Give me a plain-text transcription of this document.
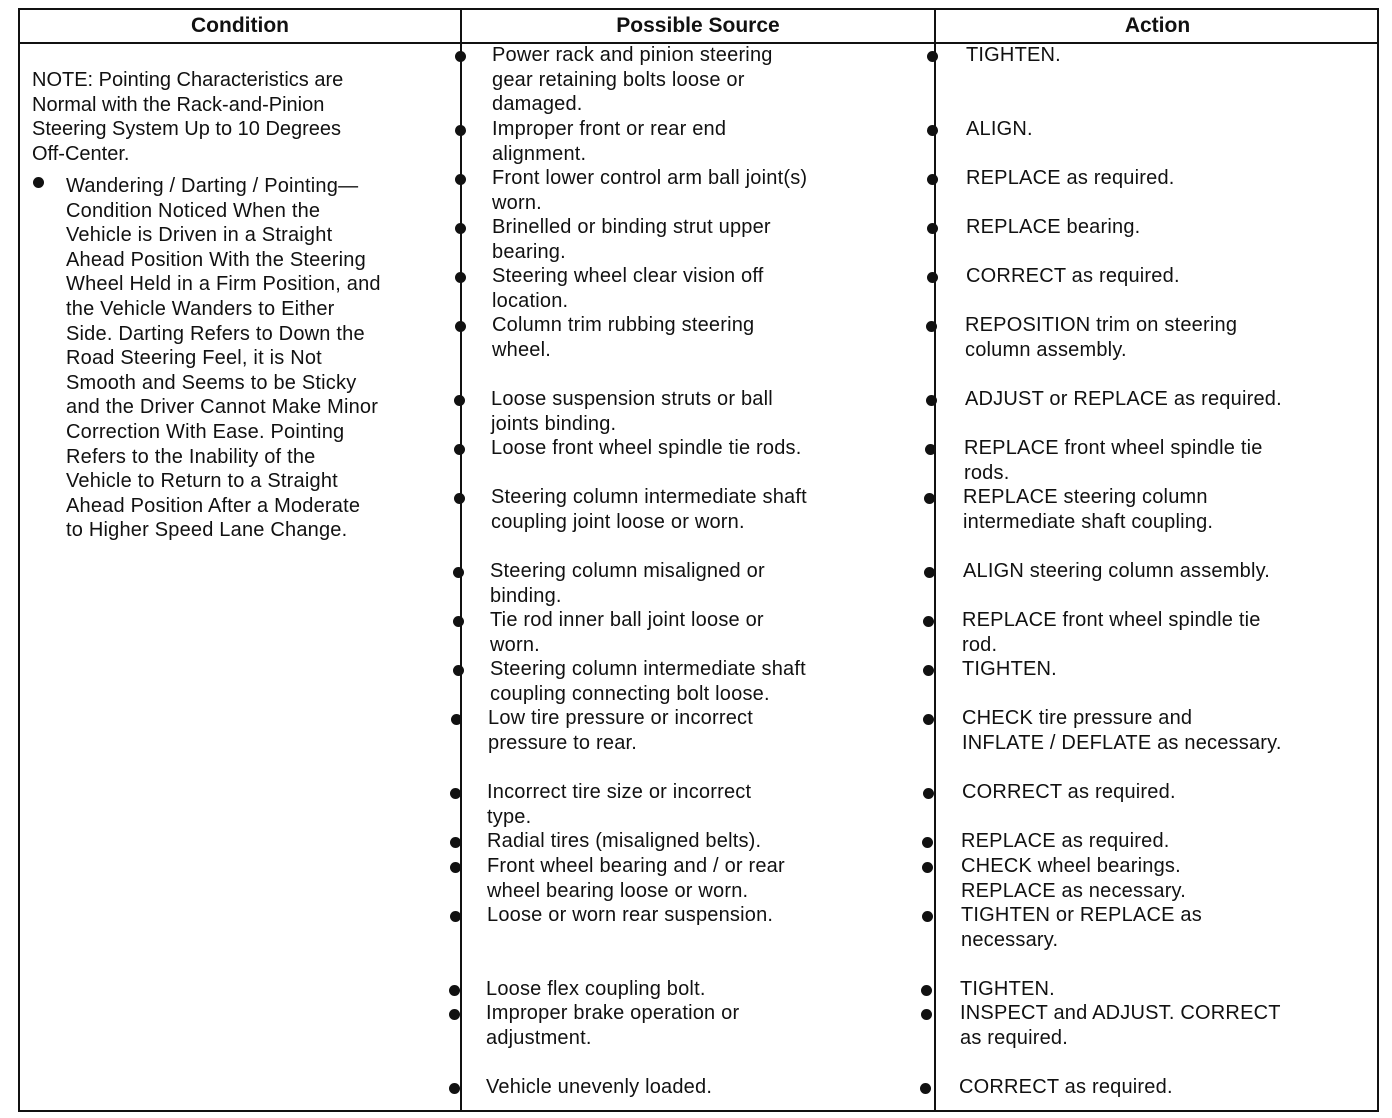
Condition	Possible Source	Action
NOTE: Pointing Characteristics are
Normal with the Rack-and-Pinion
Steering System Up to 10 Degrees
Off-Center.
Wandering / Darting / Pointing—
Condition Noticed When the
Vehicle is Driven in a Straight
Ahead Position With the Steering
Wheel Held in a Firm Position, and
the Vehicle Wanders to Either
Side. Darting Refers to Down the
Road Steering Feel, it is Not
Smooth and Seems to be Sticky
and the Driver Cannot Make Minor
Correction With Ease. Pointing
Refers to the Inability of the
Vehicle to Return to a Straight
Ahead Position After a Moderate
to Higher Speed Lane Change.
Power rack and pinion steering
gear retaining bolts loose or
damaged.
Improper front or rear end
alignment.
Front lower control arm ball joint(s)
worn.
Brinelled or binding strut upper
bearing.
Steering wheel clear vision off
location.
Column trim rubbing steering
wheel.
Loose suspension struts or ball
joints binding.
Loose front wheel spindle tie rods.
Steering column intermediate shaft
coupling joint loose or worn.
Steering column misaligned or
binding.
Tie rod inner ball joint loose or
worn.
Steering column intermediate shaft
coupling connecting bolt loose.
Low tire pressure or incorrect
pressure to rear.
Incorrect tire size or incorrect
type.
Radial tires (misaligned belts).
Front wheel bearing and / or rear
wheel bearing loose or worn.
Loose or worn rear suspension.
Loose flex coupling bolt.
Improper brake operation or
adjustment.
Vehicle unevenly loaded.
TIGHTEN.
ALIGN.
REPLACE as required.
REPLACE bearing.
CORRECT as required.
REPOSITION trim on steering
column assembly.
ADJUST or REPLACE as required.
REPLACE front wheel spindle tie
rods.
REPLACE steering column
intermediate shaft coupling.
ALIGN steering column assembly.
REPLACE front wheel spindle tie
rod.
TIGHTEN.
CHECK tire pressure and
INFLATE / DEFLATE as necessary.
CORRECT as required.
REPLACE as required.
CHECK wheel bearings.
REPLACE as necessary.
TIGHTEN or REPLACE as
necessary.
TIGHTEN.
INSPECT and ADJUST. CORRECT
as required.
CORRECT as required.
